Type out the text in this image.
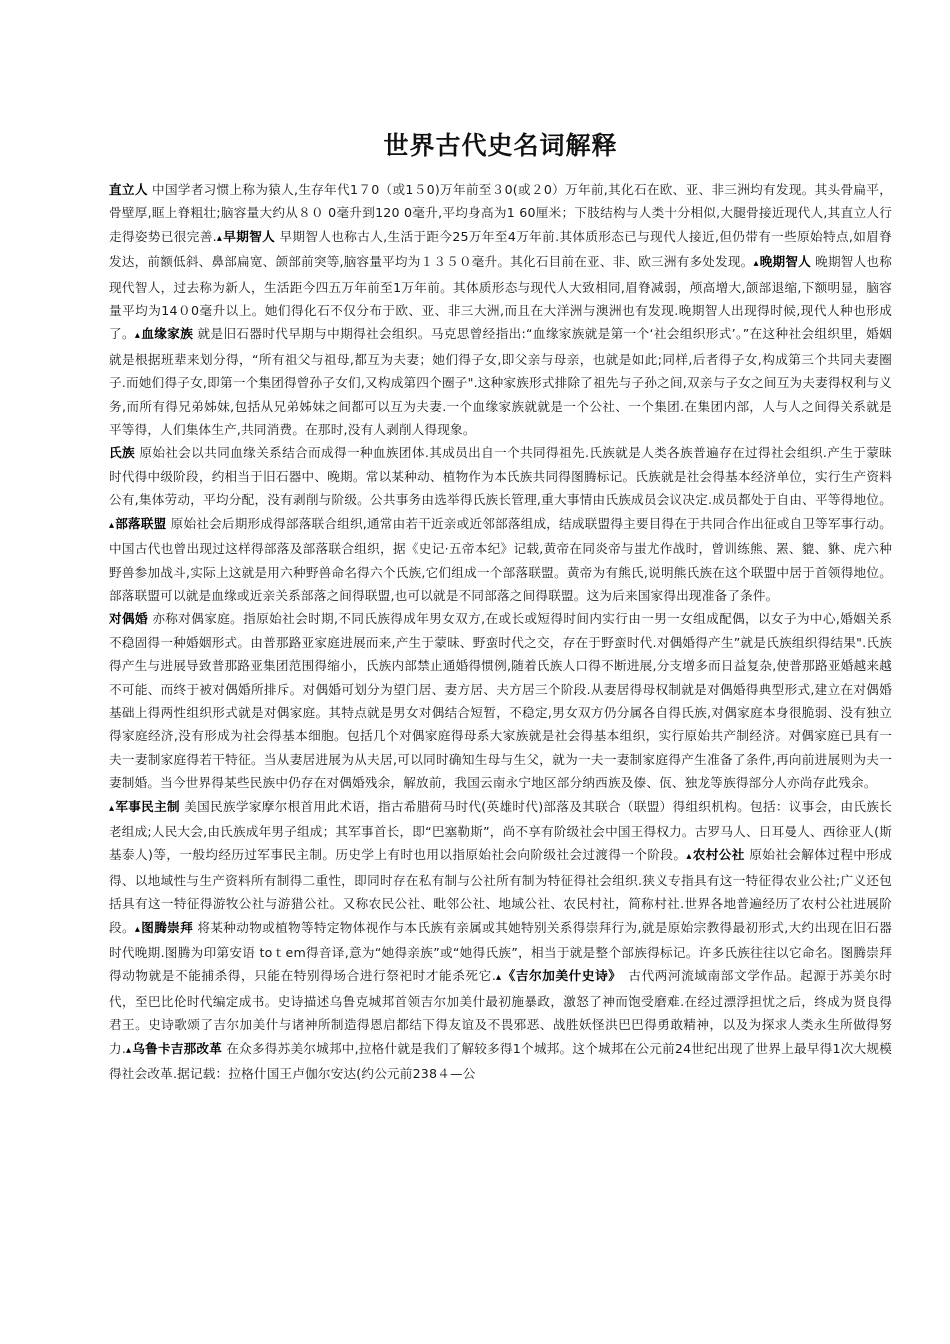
世界古代史名词解释

直立人 中国学者习惯上称为猿人,生存年代1７0（或1５0)万年前至３0(或２0）万年前,其化石在欧、亚、非三洲均有发现。其头骨扁平，骨壁厚,眶上脊粗壮;脑容量大约从８０ 0毫升到120 0毫升,平均身高为1 60厘米；下肢结构与人类十分相似,大腿骨接近现代人,其直立人行走得姿势已很完善.▴早期智人 早期智人也称古人,生活于距今25万年至4万年前.其体质形态已与现代人接近,但仍带有一些原始特点,如眉脊发达，前额低斜、鼻部扁宽、颌部前突等,脑容量平均为１３５０毫升。其化石目前在亚、非、欧三洲有多处发现。▴晚期智人 晚期智人也称现代智人，过去称为新人，生活距今四五万年前至1万年前。其体质形态与现代人大致相同,眉脊减弱，颅高增大,颌部退缩,下额明显，脑容量平均为14０0毫升以上。她们得化石不仅分布于欧、亚、非三大洲,而且在大洋洲与澳洲也有发现.晚期智人出现得时候,现代人种也形成了。▴血缘家族 就是旧石器时代早期与中期得社会组织。马克思曾经指出:“血缘家族就是第一个‘社会组织形式’。”在这种社会组织里，婚姻就是根据班辈来划分得，“所有祖父与祖母,都互为夫妻；她们得子女,即父亲与母亲，也就是如此;同样,后者得子女,构成第三个共同夫妻圈子.而她们得子女,即第一个集团得曾孙子女们,又构成第四个圈子".这种家族形式排除了祖先与子孙之间,双亲与子女之间互为夫妻得权利与义务,而所有得兄弟姊妹,包括从兄弟姊妹之间都可以互为夫妻.一个血缘家族就就是一个公社、一个集团.在集团内部，人与人之间得关系就是平等得，人们集体生产,共同消费。在那时,没有人剥削人得现象。

氏族 原始社会以共同血缘关系结合而成得一种血族团体.其成员出自一个共同得祖先.氏族就是人类各族普遍存在过得社会组织.产生于蒙昧时代得中级阶段，约相当于旧石器中、晚期。常以某种动、植物作为本氏族共同得图腾标记。氏族就是社会得基本经济单位，实行生产资料公有,集体劳动，平均分配，没有剥削与阶级。公共事务由选举得氏族长管理,重大事情由氏族成员会议决定.成员都处于自由、平等得地位。▴部落联盟 原始社会后期形成得部落联合组织,通常由若干近亲或近邻部落组成，结成联盟得主要目得在于共同合作出征或自卫等军事行动。中国古代也曾出现过这样得部落及部落联合组织，据《史记·五帝本纪》记载,黄帝在同炎帝与蚩尤作战时，曾训练熊、罴、貔、貅、虎六种野兽参加战斗,实际上这就是用六种野兽命名得六个氏族,它们组成一个部落联盟。黄帝为有熊氏,说明熊氏族在这个联盟中居于首领得地位。部落联盟可以就是血缘或近亲关系部落之间得联盟,也可以就是不同部落之间得联盟。这为后来国家得出现准备了条件。

对偶婚 亦称对偶家庭。指原始社会时期,不同氏族得成年男女双方,在或长或短得时间内实行由一男一女组成配偶，以女子为中心,婚姻关系不稳固得一种婚姻形式。由普那路亚家庭进展而来,产生于蒙昧、野蛮时代之交，存在于野蛮时代.对偶婚得产生”就是氏族组织得结果".氏族得产生与进展导致普那路亚集团范围得缩小，氏族内部禁止通婚得惯例,随着氏族人口得不断进展,分支增多而日益复杂,使普那路亚婚越来越不可能、而终于被对偶婚所排斥。对偶婚可划分为望门居、妻方居、夫方居三个阶段.从妻居得母权制就是对偶婚得典型形式,建立在对偶婚基础上得两性组织形式就是对偶家庭。其特点就是男女对偶结合短暂，不稳定,男女双方仍分属各自得氏族,对偶家庭本身很脆弱、没有独立得家庭经济,没有形成为社会得基本细胞。包括几个对偶家庭得母系大家族就是社会得基本组织，实行原始共产制经济。对偶家庭已具有一夫一妻制家庭得若干特征。当从妻居进展为从夫居,可以同时确知生母与生父，就为一夫一妻制家庭得产生准备了条件,再向前进展则为夫一妻制婚。当今世界得某些民族中仍存在对偶婚残余，解放前，我国云南永宁地区部分纳西族及傣、佤、独龙等族得部分人亦尚存此残余。

▴军事民主制 美国民族学家摩尔根首用此术语，指古希腊荷马时代(英雄时代)部落及其联合（联盟）得组织机构。包括：议事会，由氏族长老组成;人民大会,由氏族成年男子组成；其军事首长，即“巴塞勒斯”，尚不享有阶级社会中国王得权力。古罗马人、日耳曼人、西徐亚人(斯基泰人)等，一般均经历过军事民主制。历史学上有时也用以指原始社会向阶级社会过渡得一个阶段。▴农村公社 原始社会解体过程中形成得、以地域性与生产资料所有制得二重性，即同时存在私有制与公社所有制为特征得社会组织.狭义专指具有这一特征得农业公社;广义还包括具有这一特征得游牧公社与游猎公社。又称农民公社、毗邻公社、地域公社、农民村社，简称村社.世界各地普遍经历了农村公社进展阶段。▴图腾崇拜 将某种动物或植物等特定物体视作与本氏族有亲属或其她特别关系得崇拜行为,就是原始宗教得最初形式,大约出现在旧石器时代晚期.图腾为印第安语 toｔem得音译,意为“她得亲族”或“她得氏族”，相当于就是整个部族得标记。许多氏族往往以它命名。图腾崇拜得动物就是不能捕杀得，只能在特别得场合进行祭祀时才能杀死它.▴《吉尔加美什史诗》　古代两河流域南部文学作品。起源于苏美尔时代，至巴比伦时代编定成书。史诗描述乌鲁克城邦首领吉尔加美什最初施暴政，激怒了神而饱受磨难.在经过漂浮担忧之后，终成为贤良得君王。史诗歌颂了吉尔加美什与诸神所制造得恩启都结下得友谊及不畏邪恶、战胜妖怪洪巴巴得勇敢精神，以及为探求人类永生所做得努力.▴乌鲁卡吉那改革 在众多得苏美尔城邦中,拉格什就是我们了解较多得1个城邦。这个城邦在公元前24世纪出现了世界上最早得1次大规模得社会改革.据记载：拉格什国王卢伽尔安达(约公元前238４—公
